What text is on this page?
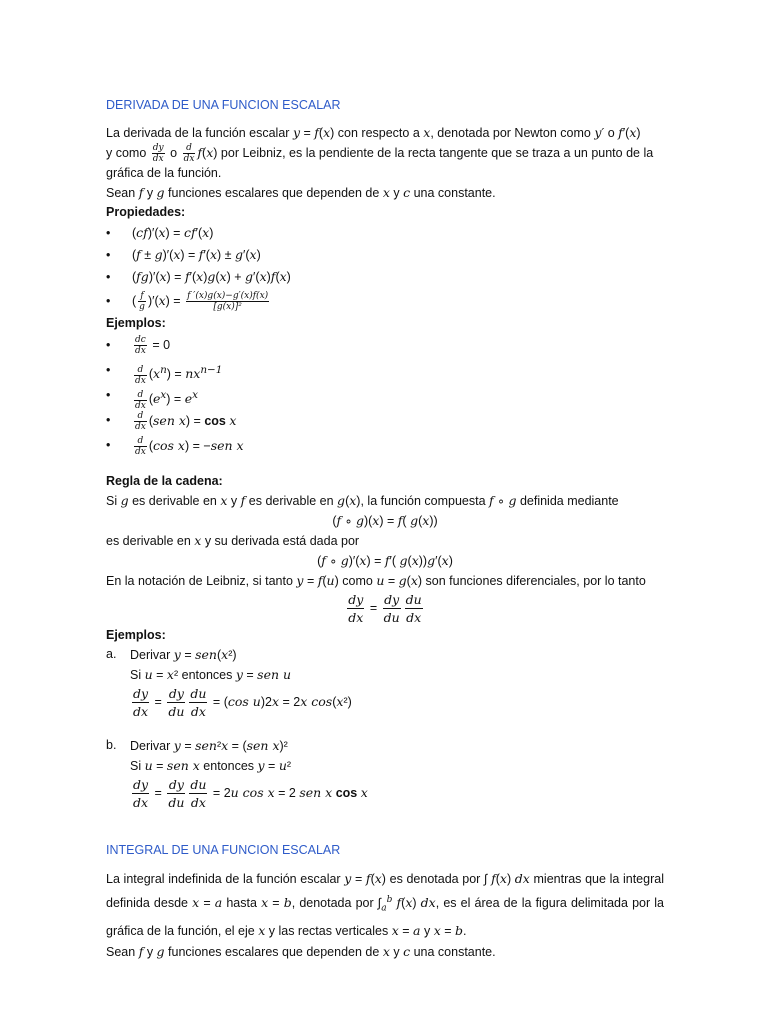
DERIVADA DE UNA FUNCION ESCALAR

La derivada de la función escalar y = f(x) con respecto a x, denotada por Newton como y′ o f′(x)
y como $\frac{dy}{dx}$ o $\frac{d}{dx} f(x)$ por Leibniz, es la pendiente de la recta tangente que se traza a un punto de la gráfica de la función.

Sean f y g funciones escalares que dependen de x y c una constante.

Propiedades:

• (cf)′(x) = cf′(x)
• (f ± g)′(x) = f′(x) ± g′(x)
• (fg)′(x) = f′(x)g(x) + g′(x)f(x)
• ( $\frac{f}{g} )'(x) = \frac{f '(x)g(x)-g'(x)f(x)}{\text{[g(x)]²}}$

Ejemplos:

• $\frac{dc}{dx} = 0$
• $\frac{d}{dx} (x^n) = nx^{n-1}$
• $\frac{d}{dx} (e^x) = e^x$
• $\frac{d}{dx} (sen$ x) = cos x
• $\frac{d}{dx} (\cos$ x) = −sen x

Regla de la cadena:

Si g es derivable en x y f es derivable en g(x), la función compuesta f ∘ g definida mediante

(f ∘ g)(x) = f( g(x))

es derivable en x y su derivada está dada por

(f ∘ g)′(x) = f′( g(x))g′(x)

En la notación de Leibniz, si tanto y = f(u) como u = g(x) son funciones diferenciales, por lo tanto

$\frac{dy}{dx} = \frac{dy}{du} \frac{du}{dx}$

Ejemplos:

a. Derivar y = sen(x²)

Si u = x² entonces y = sen u

$\frac{dy}{dx} = \frac{dy}{du} \frac{du}{dx} = (\cos$ u)2x = 2x cos(x²)

b. Derivar y = sen²x = (sen x)²

Si u = sen x entonces y = u²

$\frac{dy}{dx} = \frac{dy}{du} \frac{du}{dx} = 2u$ cos x = 2 sen x cos x

INTEGRAL DE UNA FUNCION ESCALAR

La integral indefinida de la función escalar y = f(x) es denotada por ∫ f(x) dx mientras que la integral definida desde x = a hasta x = b, denotada por $\int_a^b$ f(x) dx, es el área de la figura delimitada por la gráfica de la función, el eje x y las rectas verticales x = a y x = b.

Sean f y g funciones escalares que dependen de x y c una constante.
